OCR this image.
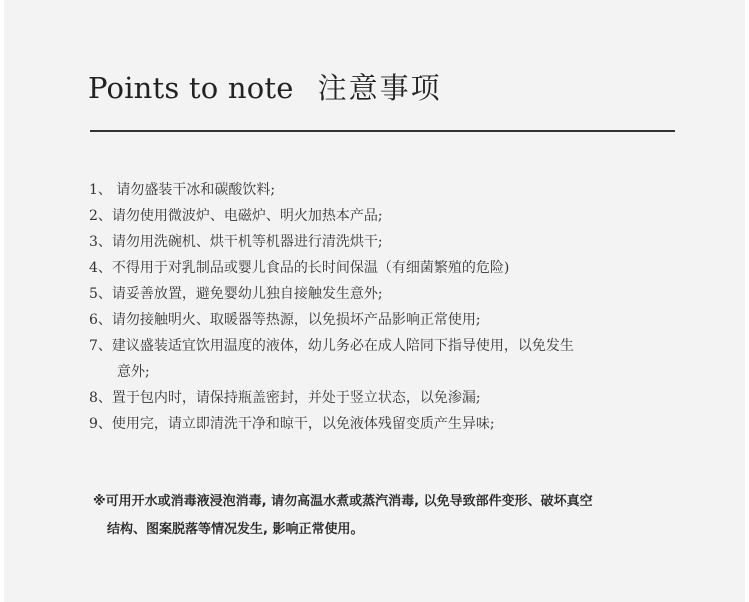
Points to note 注意事项
1、 请勿盛装干冰和碳酸饮料;
2、请勿使用微波炉、电磁炉、明火加热本产品;
3、请勿用洗碗机、烘干机等机器进行清洗烘干;
4、不得用于对乳制品或婴儿食品的长时间保温（有细菌繁殖的危险)
5、请妥善放置，避免婴幼儿独自接触发生意外;
6、请勿接触明火、取暖器等热源，以免损坏产品影响正常使用;
7、建议盛装适宜饮用温度的液体，幼儿务必在成人陪同下指导使用，以免发生
意外;
8、置于包内时，请保持瓶盖密封，并处于竖立状态，以免渗漏;
9、使用完，请立即清洗干净和晾干，以免液体残留变质产生异味;
※可用开水或消毒液浸泡消毒, 请勿高温水煮或蒸汽消毒, 以免导致部件变形、破坏真空
结构、图案脱落等情况发生, 影响正常使用。
